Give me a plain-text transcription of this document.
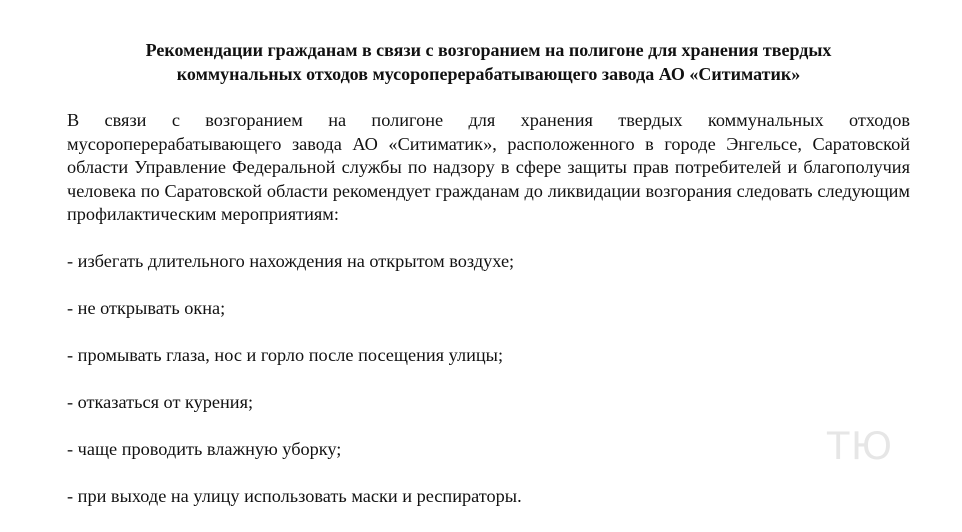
Рекомендации гражданам в связи с возгоранием на полигоне для хранения твердых
коммунальных отходов мусороперерабатывающего завода АО «Ситиматик»

В связи с возгоранием на полигоне для хранения твердых коммунальных отходов мусороперерабатывающего завода АО «Ситиматик», расположенного в городе Энгельсе, Саратовской области Управление Федеральной службы по надзору в сфере защиты прав потребителей и благополучия человека по Саратовской области рекомендует гражданам до ликвидации возгорания следовать следующим профилактическим мероприятиям:

- избегать длительного нахождения на открытом воздухе;
- не открывать окна;
- промывать глаза, нос и горло после посещения улицы;
- отказаться от курения;
- чаще проводить влажную уборку;
- при выходе на улицу использовать маски и респираторы.
ТЮ
